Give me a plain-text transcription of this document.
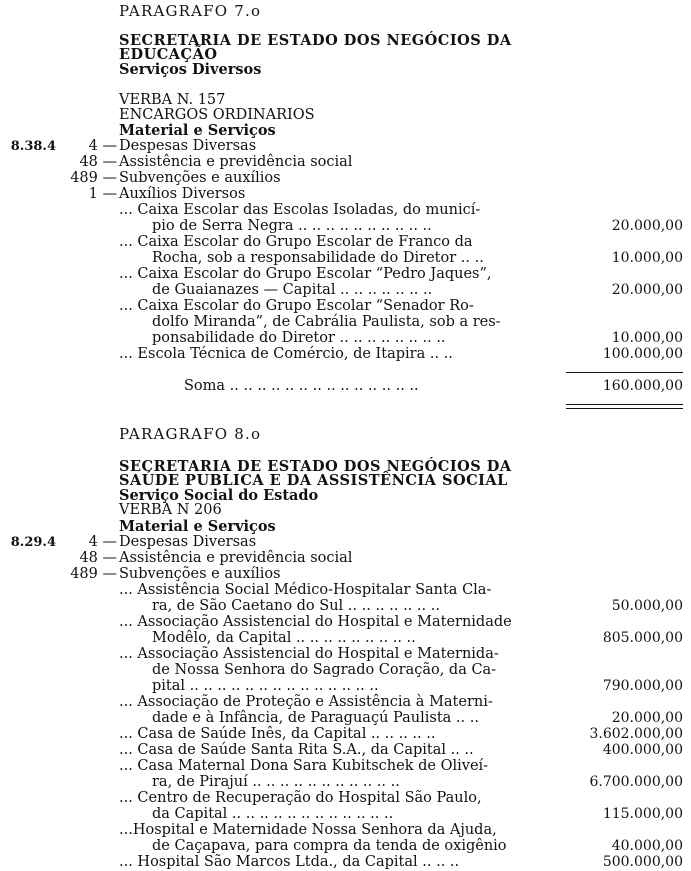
PARAGRAFO 7.o
SECRETARIA DE ESTADO DOS NEGÓCIOS DA
EDUCAÇÃO
Serviços Diversos
VERBA N. 157
ENCARGOS ORDINARIOS
Material e Serviços
8.38.4	4 — Despesas Diversas
48 — Assistência e previdência social
489 — Subvenções e auxílios
1 — Auxílios Diversos
... Caixa Escolar das Escolas Isoladas, do municí-
pio de Serra Negra .. .. .. .. .. .. .. .. .. ..	20.000,00
... Caixa Escolar do Grupo Escolar de Franco da
Rocha, sob a responsabilidade do Diretor .. ..	10.000,00
... Caixa Escolar do Grupo Escolar “Pedro Jaques”,
de Guaianazes — Capital .. .. .. .. .. .. ..	20.000,00
... Caixa Escolar do Grupo Escolar “Senador Ro-
dolfo Miranda”, de Cabrália Paulista, sob a res-
ponsabilidade do Diretor .. .. .. .. .. .. .. ..	10.000,00
... Escola Técnica de Comércio, de Itapira .. ..	100.000,00
Soma .. .. .. .. .. .. .. .. .. .. .. .. .. ..	160.000,00
PARAGRAFO 8.o
SECRETARIA DE ESTADO DOS NEGÓCIOS DA
SAÚDE PUBLICA E DA ASSISTÊNCIA SOCIAL
Serviço Social do Estado
VERBA N 206
Material e Serviços
8.29.4	4 — Despesas Diversas
48 — Assistência e previdência social
489 — Subvenções e auxílios
... Assistência Social Médico-Hospitalar Santa Cla-
ra, de São Caetano do Sul .. .. .. .. .. .. ..	50.000,00
... Associação Assistencial do Hospital e Maternidade
Modêlo, da Capital .. .. .. .. .. .. .. .. ..	805.000,00
... Associação Assistencial do Hospital e Maternida-
de Nossa Senhora do Sagrado Coração, da Ca-
pital .. .. .. .. .. .. .. .. .. .. .. .. .. ..	790.000,00
... Associação de Proteção e Assistência à Materni-
dade e à Infância, de Paraguaçú Paulista .. ..	20.000,00
... Casa de Saúde Inês, da Capital .. .. .. .. ..	3.602.000,00
... Casa de Saúde Santa Rita S.A., da Capital .. ..	400.000,00
... Casa Maternal Dona Sara Kubitschek de Oliveí-
ra, de Pirajuí .. .. .. .. .. .. .. .. .. .. ..	6.700.000,00
... Centro de Recuperação do Hospital São Paulo,
da Capital .. .. .. .. .. .. .. .. .. .. .. ..	115.000,00
...Hospital e Maternidade Nossa Senhora da Ajuda,
de Caçapava, para compra da tenda de oxigênio	40.000,00
... Hospital São Marcos Ltda., da Capital .. .. ..	500.000,00
